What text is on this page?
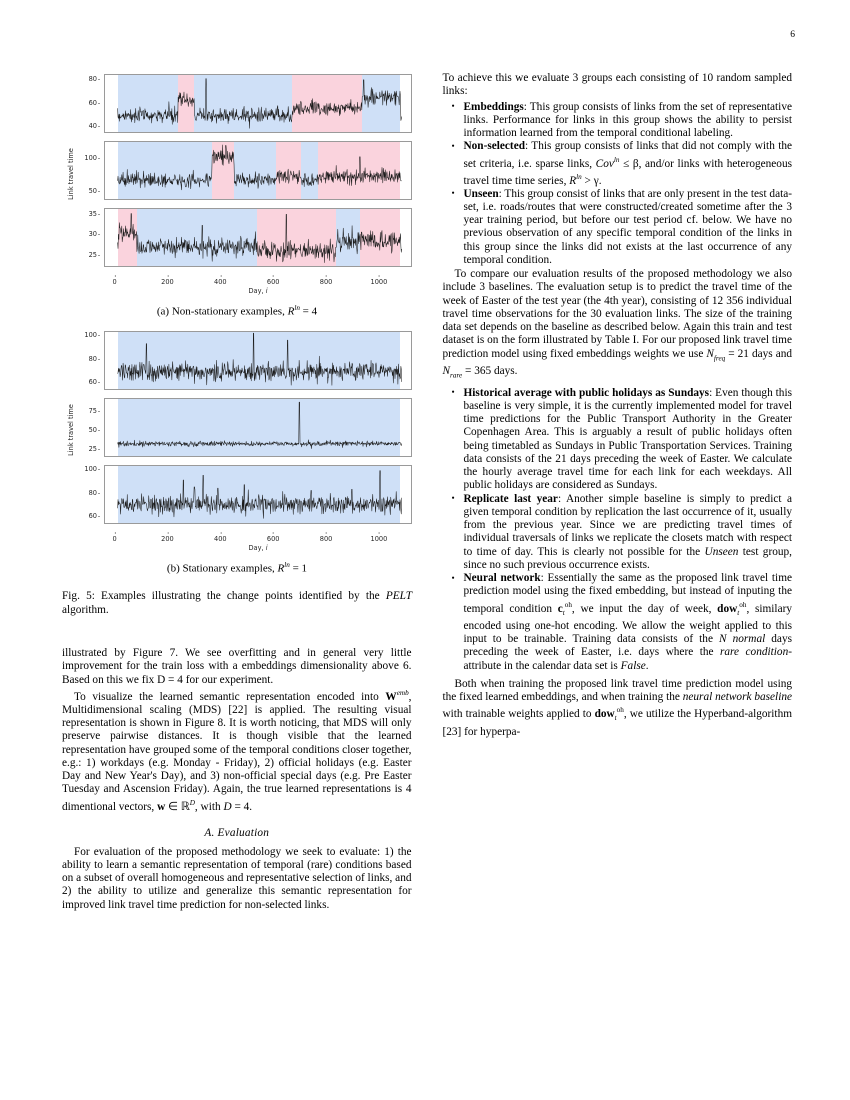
6
Link travel time
80
60
40
100
50
35
30
25
Day, i
0	200	400	600	800	1000
(a) Non-stationary examples, $R^{ln} = 4$
Link travel time
100
80
60
75
50
25
100
80
60
Day, i
0	200	400	600	800	1000
(b) Stationary examples, $R^{ln} = 1$
Fig. 5: Examples illustrating the change points identified by the PELT algorithm.

illustrated by Figure 7. We see overfitting and in general very little improvement for the train loss with a embeddings dimensionality above 6. Based on this we fix D = 4 for our experiment.

To visualize the learned semantic representation encoded into $W^{emb}$, Multidimensional scaling (MDS) [22] is applied. The resulting visual representation is shown in Figure 8. It is worth noticing, that MDS will only preserve pairwise distances. It is though visible that the learned representation have grouped some of the temporal conditions closer together, e.g.: 1) workdays (e.g. Monday - Friday), 2) official holidays (e.g. Easter Day and New Year's Day), and 3) non-official special days (e.g. Pre Easter Tuesday and Ascension Friday). Again, the true learned representations is 4 dimentional vectors, w ∈ ℝ$^D$, with D = 4.

A. Evaluation

For evaluation of the proposed methodology we seek to evaluate: 1) the ability to learn a semantic representation of temporal (rare) conditions based on a subset of overall homogeneous and representative selection of links, and 2) the ability to utilize and generalize this semantic representation for improved link travel time prediction for non-selected links.

To achieve this we evaluate 3 groups each consisting of 10 random sampled links:

• Embeddings: This group consists of links from the set of representative links. Performance for links in this group shows the ability to persist information learned from the temporal conditional labeling.
• Non-selected: This group consists of links that did not comply with the set criteria, i.e. sparse links, Cov$^{ln}$ ≤ β, and/or links with heterogeneous travel time time series, $R^{ln} > \gamma$.
• Unseen: This group consist of links that are only present in the test data-set, i.e. roads/routes that were constructed/created sometime after the 3 year training period, but before our test period cf. below. We have no previous observation of any specific temporal condition of the links in this group since the links did not exists at the last occurrence of any temporal condition.

To compare our evaluation results of the proposed methodology we also include 3 baselines. The evaluation setup is to predict the travel time of the week of Easter of the test year (the 4th year), consisting of 12 356 individual travel time observations for the 30 evaluation links. The size of the training data set depends on the baseline as described below. Again this train and test dataset is on the form illustrated by Table I. For our proposed link travel time prediction model using fixed embeddings weights we use $N_{freq} = 21$ days and $N_{rare} = 365$ days.

• Historical average with public holidays as Sundays: Even though this baseline is very simple, it is the currently implemented model for travel time predictions for the Public Transport Authority in the Greater Copenhagen Area. This is arguably a result of public holidays often being timetabled as Sundays in Public Transportation Services. Training data consists of the 21 days preceding the week of Easter. We calculate the hourly average travel time for each link for each weekdays. All public holidays are considered as Sundays.
• Replicate last year: Another simple baseline is simply to predict a given temporal condition by replication the last occurrence of it, usually from the previous year. Since we are predicting travel times of individual traversals of links we replicate the closets match with respect to time of day. This is clearly not possible for the Unseen test group, since no such previous occurrence exists.
• Neural network: Essentially the same as the proposed link travel time prediction model using the fixed embedding, but instead of inputing the temporal condition $c_t^{oh}$, we input the day of week, dow$_t^{oh}$, similary encoded using one-hot encoding. We allow the weight applied to this input to be trainable. Training data consists of the N normal days preceding the week of Easter, i.e. days where the rare condition-attribute in the calendar data set is False.

Both when training the proposed link travel time prediction model using the fixed learned embeddings, and when training the neural network baseline with trainable weights applied to dow$_t^{oh}$, we utilize the Hyperband-algorithm [23] for hyperpa-
